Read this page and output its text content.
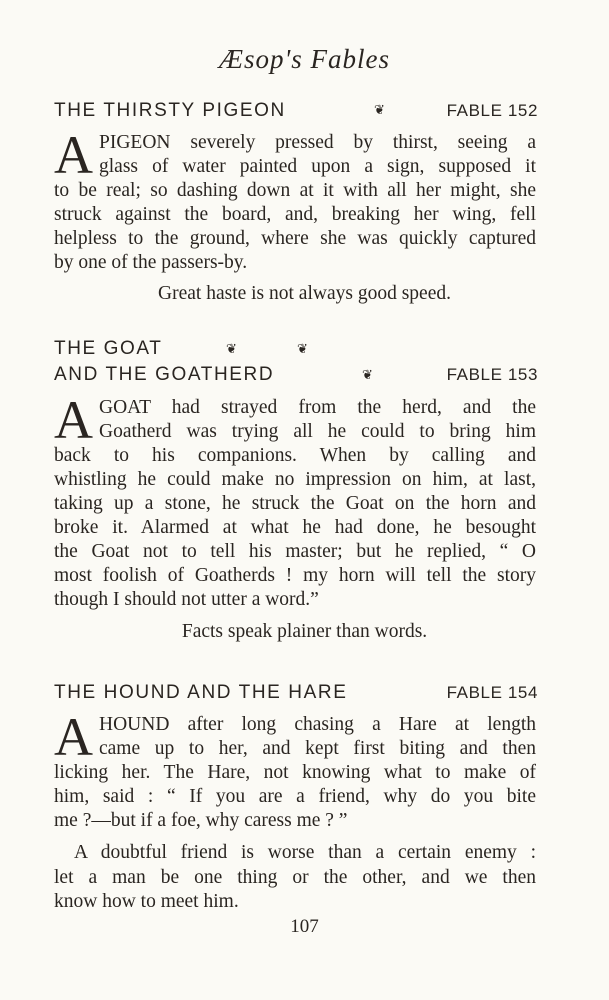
Æsop's Fables
THE THIRSTY PIGEON	❦	FABLE 152
A PIGEON severely pressed by thirst, seeing a
glass of water painted upon a sign, supposed it
to be real; so dashing down at it with all her might, she
struck against the board, and, breaking her wing, fell
helpless to the ground, where she was quickly captured
by one of the passers-by.
Great haste is not always good speed.
THE GOAT	❦	❦
AND THE GOATHERD	❦	FABLE 153
A GOAT had strayed from the herd, and the
Goatherd was trying all he could to bring him
back to his companions. When by calling and
whistling he could make no impression on him, at last,
taking up a stone, he struck the Goat on the horn and
broke it. Alarmed at what he had done, he besought
the Goat not to tell his master; but he replied, “ O
most foolish of Goatherds ! my horn will tell the story
though I should not utter a word.”
Facts speak plainer than words.
THE HOUND AND THE HARE	FABLE 154
A HOUND after long chasing a Hare at length
came up to her, and kept first biting and then
licking her. The Hare, not knowing what to make of
him, said : “ If you are a friend, why do you bite
me ?—but if a foe, why caress me ? ”
A doubtful friend is worse than a certain enemy :
let a man be one thing or the other, and we then
know how to meet him.
107
